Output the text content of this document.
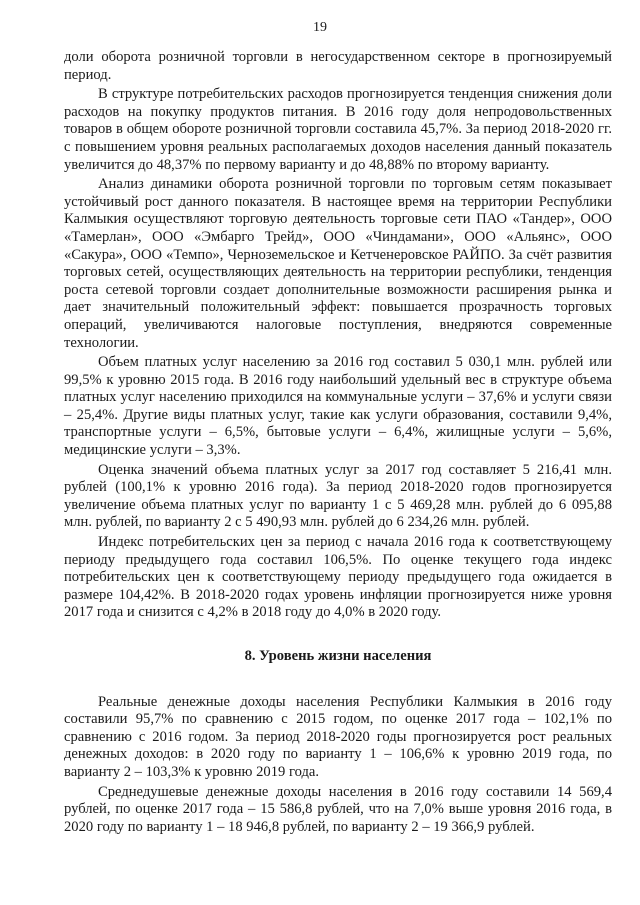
19

доли оборота розничной торговли в негосударственном секторе в прогнозируемый период.

В структуре потребительских расходов прогнозируется тенденция снижения доли расходов на покупку продуктов питания. В 2016 году доля непродовольственных товаров в общем обороте розничной торговли составила 45,7%. За период 2018-2020 гг. с повышением уровня реальных располагаемых доходов населения данный показатель увеличится до 48,37% по первому варианту и до 48,88% по второму варианту.

Анализ динамики оборота розничной торговли по торговым сетям показывает устойчивый рост данного показателя. В настоящее время на территории Республики Калмыкия осуществляют торговую деятельность торговые сети ПАО «Тандер», ООО «Тамерлан», ООО «Эмбарго Трейд», ООО «Чиндамани», ООО «Альянс», ООО «Сакура», ООО «Темпо», Черноземельское и Кетченеровское РАЙПО. За счёт развития торговых сетей, осуществляющих деятельность на территории республики, тенденция роста сетевой торговли создает дополнительные возможности расширения рынка и дает значительный положительный эффект: повышается прозрачность торговых операций, увеличиваются налоговые поступления, внедряются современные технологии.

Объем платных услуг населению за 2016 год составил 5 030,1 млн. рублей или 99,5% к уровню 2015 года. В 2016 году наибольший удельный вес в структуре объема платных услуг населению приходился на коммунальные услуги – 37,6% и услуги связи – 25,4%. Другие виды платных услуг, такие как услуги образования, составили 9,4%, транспортные услуги – 6,5%, бытовые услуги – 6,4%, жилищные услуги – 5,6%, медицинские услуги – 3,3%.

Оценка значений объема платных услуг за 2017 год составляет 5 216,41 млн. рублей (100,1% к уровню 2016 года). За период 2018-2020 годов прогнозируется увеличение объема платных услуг по варианту 1 с 5 469,28 млн. рублей до 6 095,88 млн. рублей, по варианту 2 с 5 490,93 млн. рублей до 6 234,26 млн. рублей.

Индекс потребительских цен за период с начала 2016 года к соответствующему периоду предыдущего года составил 106,5%. По оценке текущего года индекс потребительских цен к соответствующему периоду предыдущего года ожидается в размере 104,42%. В 2018-2020 годах уровень инфляции прогнозируется ниже уровня 2017 года и снизится с 4,2% в 2018 году до 4,0% в 2020 году.

8. Уровень жизни населения

Реальные денежные доходы населения Республики Калмыкия в 2016 году составили 95,7% по сравнению с 2015 годом, по оценке 2017 года – 102,1% по сравнению с 2016 годом. За период 2018-2020 годы прогнозируется рост реальных денежных доходов: в 2020 году по варианту 1 – 106,6% к уровню 2019 года, по варианту 2 – 103,3% к уровню 2019 года.

Среднедушевые денежные доходы населения в 2016 году составили 14 569,4 рублей, по оценке 2017 года – 15 586,8 рублей, что на 7,0% выше уровня 2016 года, в 2020 году по варианту 1 – 18 946,8 рублей, по варианту 2 – 19 366,9 рублей.
